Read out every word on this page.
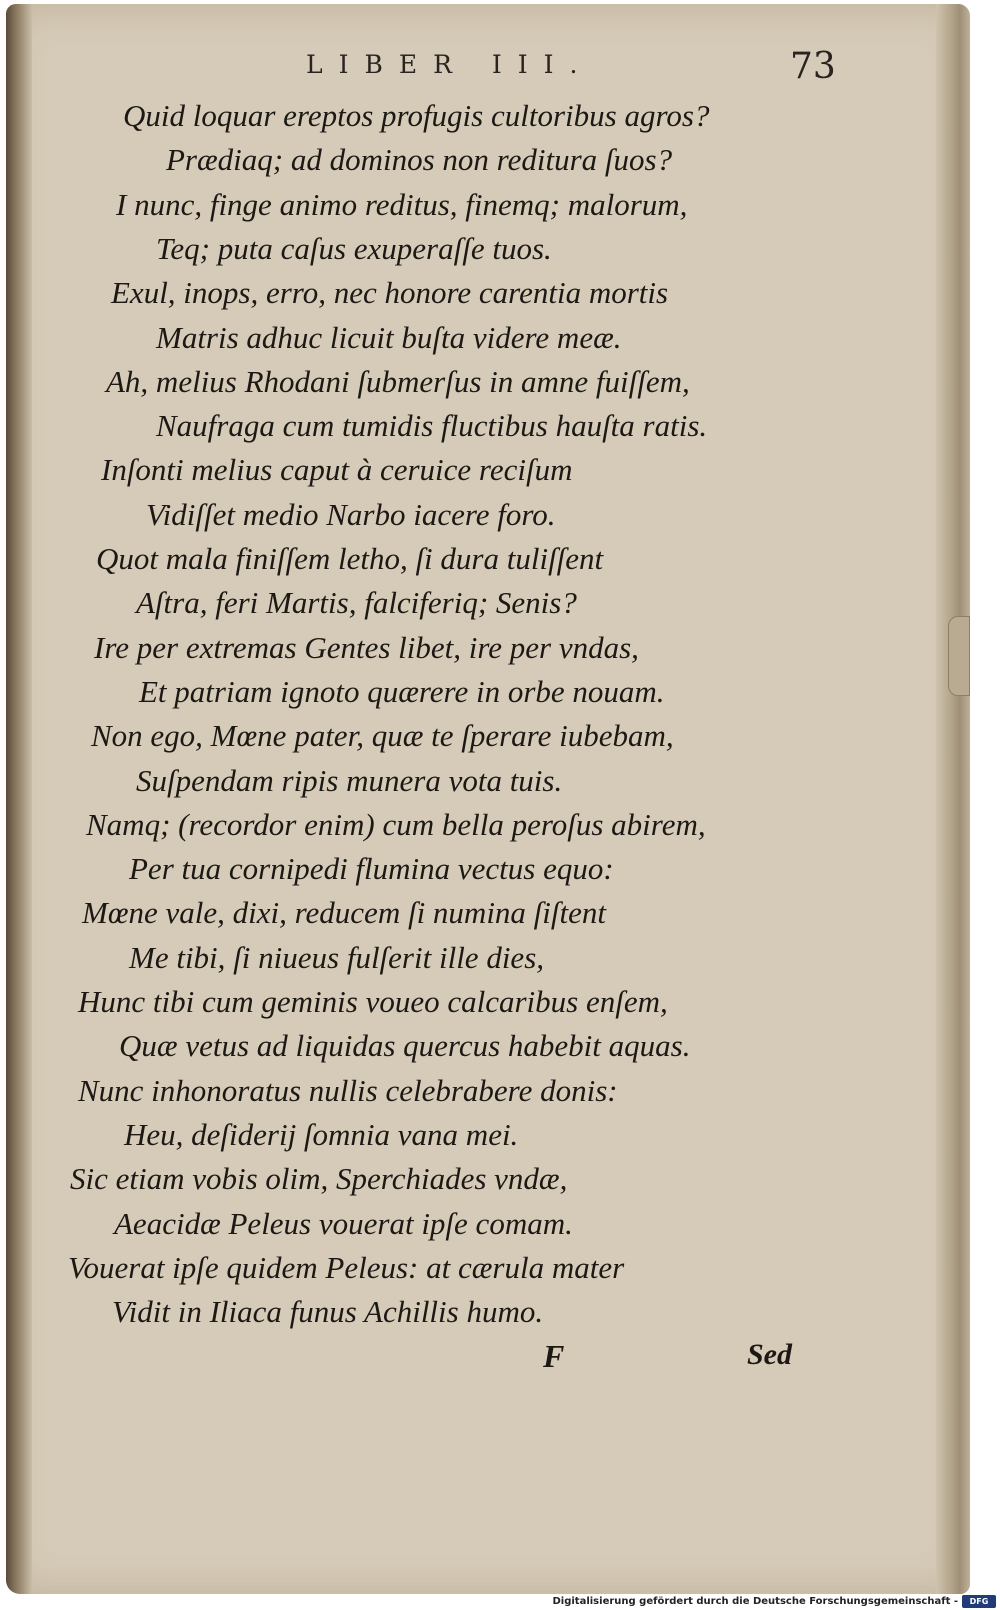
LIBER III.	73
Quid loquar ereptos profugis cultoribus agros?
Prædiaq; ad dominos non reditura ſuos?
I nunc, finge animo reditus, finemq; malorum,
Teq; puta caſus exuperaſſe tuos.
Exul, inops, erro, nec honore carentia mortis
Matris adhuc licuit buſta videre meæ.
Ah, melius Rhodani ſubmerſus in amne fuiſſem,
Naufraga cum tumidis fluctibus hauſta ratis.
Inſonti melius caput à ceruice reciſum
Vidiſſet medio Narbo iacere foro.
Quot mala finiſſem letho, ſi dura tuliſſent
Aſtra, feri Martis, falciferiq; Senis?
Ire per extremas Gentes libet, ire per vndas,
Et patriam ignoto quærere in orbe nouam.
Non ego, Mœne pater, quæ te ſperare iubebam,
Suſpendam ripis munera vota tuis.
Namq; (recordor enim) cum bella peroſus abirem,
Per tua cornipedi flumina vectus equo:
Mœne vale, dixi, reducem ſi numina ſiſtent
Me tibi, ſi niueus fulſerit ille dies,
Hunc tibi cum geminis voueo calcaribus enſem,
Quæ vetus ad liquidas quercus habebit aquas.
Nunc inhonoratus nullis celebrabere donis:
Heu, deſiderij ſomnia vana mei.
Sic etiam vobis olim, Sperchiades vndæ,
Aeacidæ Peleus vouerat ipſe comam.
Vouerat ipſe quidem Peleus: at cærula mater
Vidit in Iliaca funus Achillis humo.
F	Sed
Digitalisierung gefördert durch die Deutsche Forschungsgemeinschaft -	DFG
